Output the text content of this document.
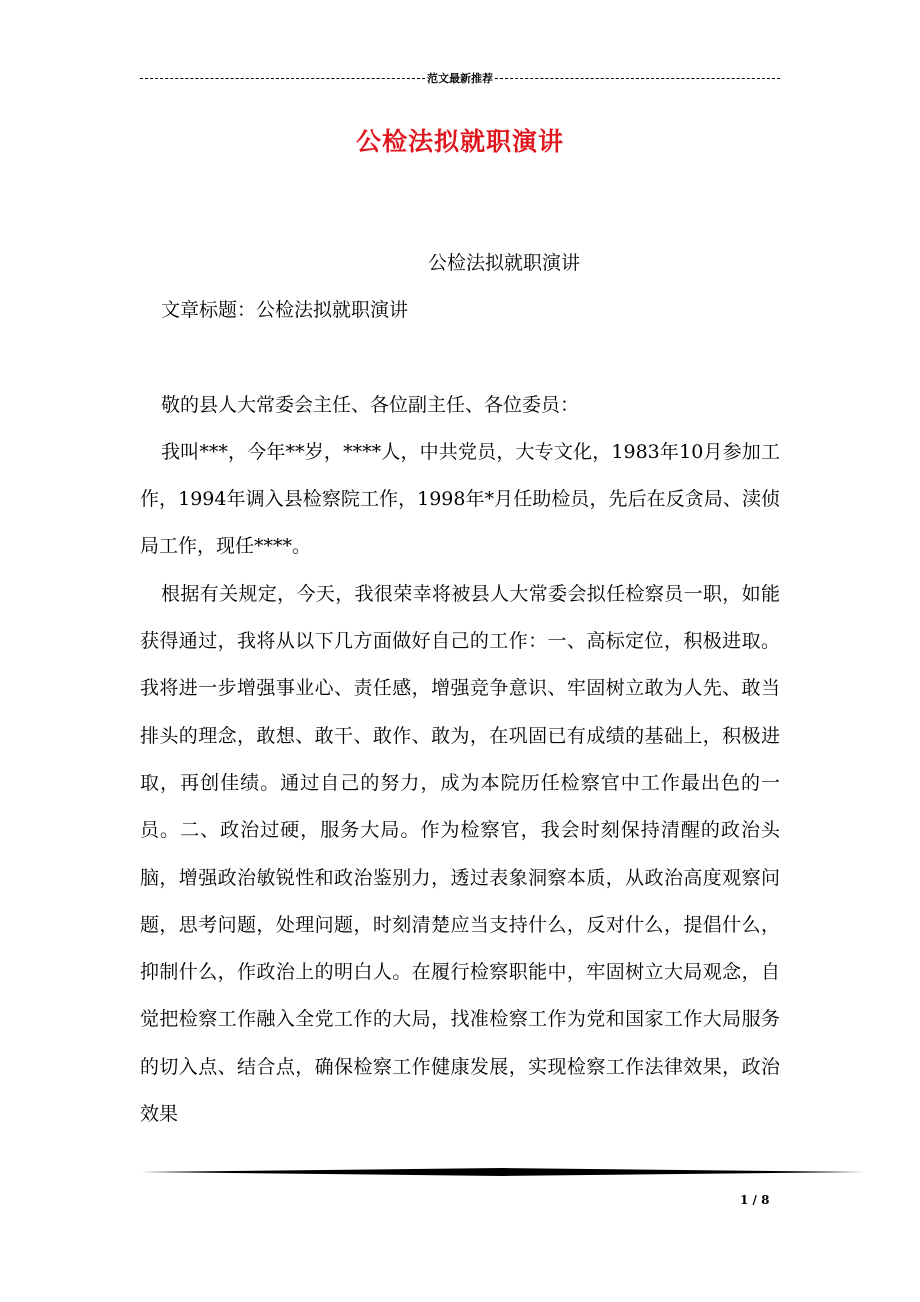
范文最新推荐
公检法拟就职演讲

公检法拟就职演讲

文章标题：公检法拟就职演讲

敬的县人大常委会主任、各位副主任、各位委员：

我叫***，今年**岁，****人，中共党员，大专文化，1983年10月参加工作，1994年调入县检察院工作，1998年*月任助检员，先后在反贪局、渎侦局工作，现任****。

根据有关规定，今天，我很荣幸将被县人大常委会拟任检察员一职，如能获得通过，我将从以下几方面做好自己的工作：一、高标定位，积极进取。我将进一步增强事业心、责任感，增强竞争意识、牢固树立敢为人先、敢当排头的理念，敢想、敢干、敢作、敢为，在巩固已有成绩的基础上，积极进取，再创佳绩。通过自己的努力，成为本院历任检察官中工作最出色的一员。二、政治过硬，服务大局。作为检察官，我会时刻保持清醒的政治头脑，增强政治敏锐性和政治鉴别力，透过表象洞察本质，从政治高度观察问题，思考问题，处理问题，时刻清楚应当支持什么，反对什么，提倡什么，抑制什么，作政治上的明白人。在履行检察职能中，牢固树立大局观念，自觉把检察工作融入全党工作的大局，找准检察工作为党和国家工作大局服务的切入点、结合点，确保检察工作健康发展，实现检察工作法律效果，政治效果

1 / 8
